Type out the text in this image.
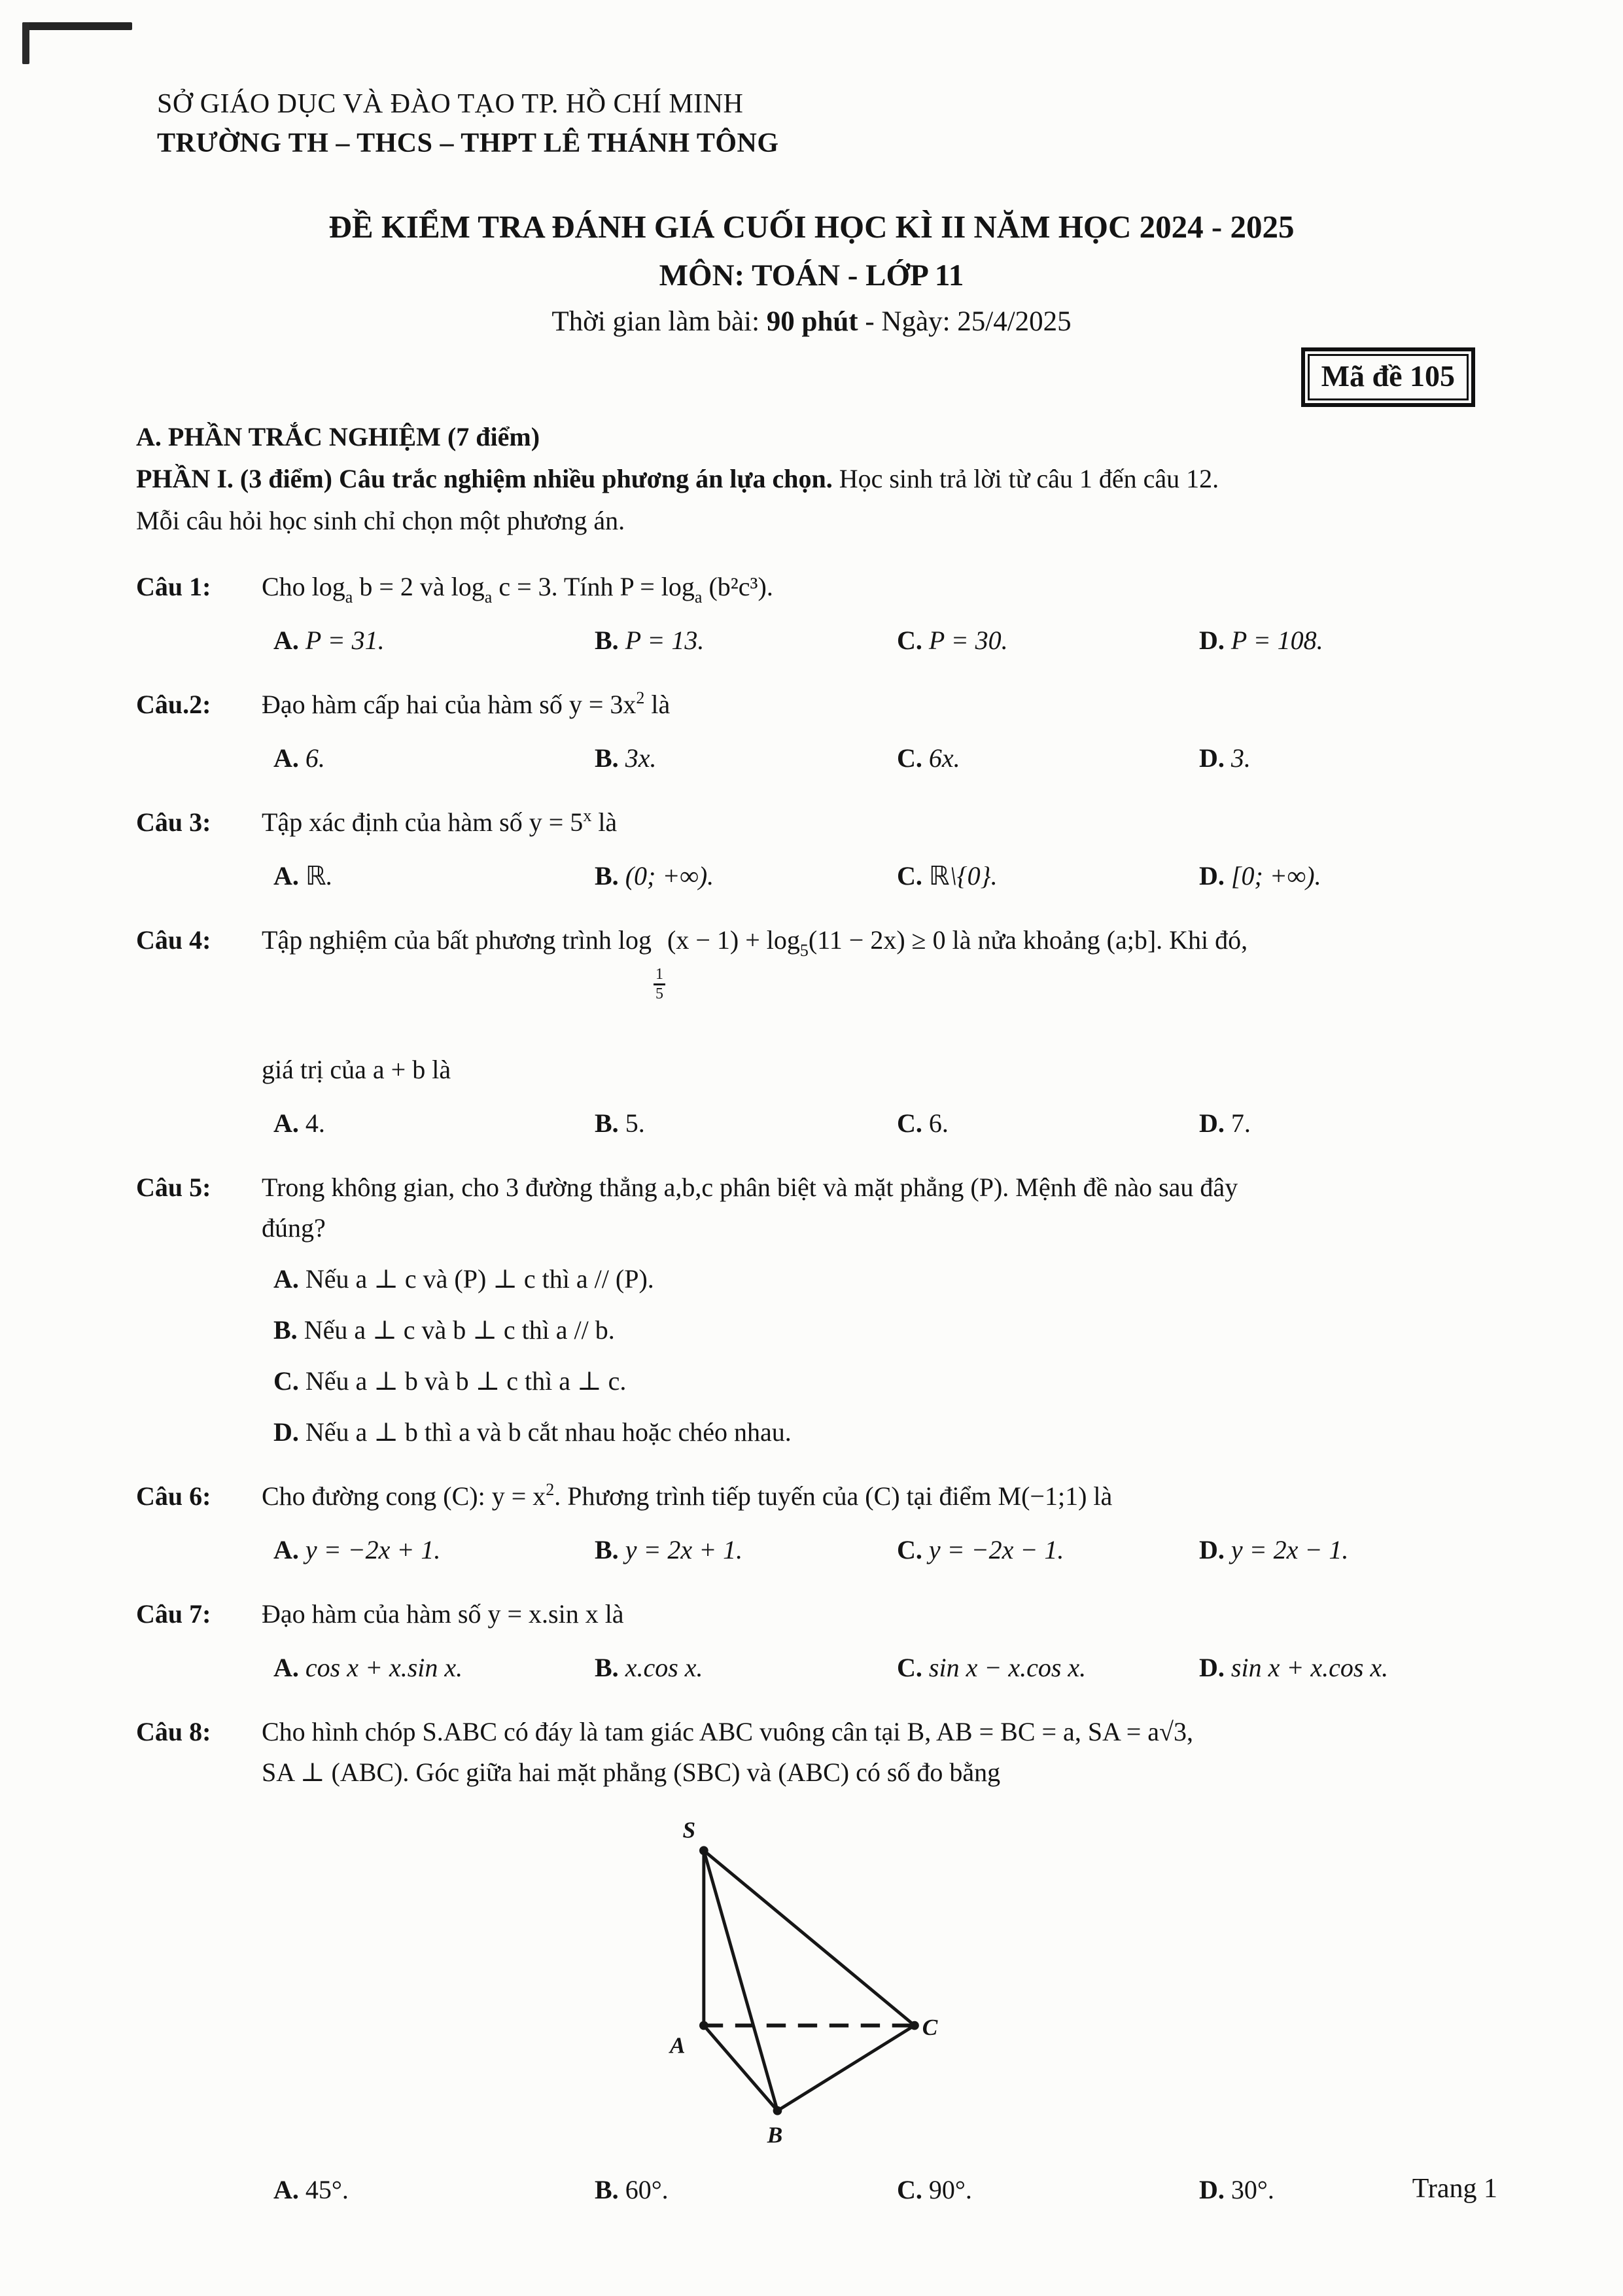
SỞ GIÁO DỤC VÀ ĐÀO TẠO TP. HỒ CHÍ MINH
TRƯỜNG TH – THCS – THPT LÊ THÁNH TÔNG
ĐỀ KIỂM TRA ĐÁNH GIÁ CUỐI HỌC KÌ II NĂM HỌC 2024 - 2025
MÔN: TOÁN - LỚP 11
Thời gian làm bài: 90 phút - Ngày: 25/4/2025
Mã đề 105
A. PHẦN TRẮC NGHIỆM (7 điểm)
PHẦN I. (3 điểm) Câu trắc nghiệm nhiều phương án lựa chọn. Học sinh trả lời từ câu 1 đến câu 12.
Mỗi câu hỏi học sinh chỉ chọn một phương án.
Câu 1:	Cho $\log_a b = 2$ và $\log_a c = 3$. Tính $P = \log_a (b^2c^3)$.
A. P = 31.	B. P = 13.	C. P = 30.	D. P = 108.
Câu.2:	Đạo hàm cấp hai của hàm số $y = 3x^2$ là
A. 6.	B. 3x.	C. 6x.	D. 3.
Câu 3:	Tập xác định của hàm số $y = 5^x$ là
A. ℝ.	B. (0; +∞).	C. ℝ\{0}.	D. [0; +∞).
Câu 4:	Tập nghiệm của bất phương trình log
$\frac{1}{5}$
$(x - 1) + \log_5(11 - 2x) \ge 0$ là nửa khoảng (a;b]. Khi đó,
giá trị của a + b là
A. 4.	B. 5.	C. 6.	D. 7.
Câu 5:	Trong không gian, cho 3 đường thẳng a,b,c phân biệt và mặt phẳng (P). Mệnh đề nào sau đây
đúng?
A. Nếu a ⊥ c và (P) ⊥ c thì a // (P).
B. Nếu a ⊥ c và b ⊥ c thì a // b.
C. Nếu a ⊥ b và b ⊥ c thì a ⊥ c.
D. Nếu a ⊥ b thì a và b cắt nhau hoặc chéo nhau.
Câu 6:	Cho đường cong (C): $y = x^2$. Phương trình tiếp tuyến của (C) tại điểm M(−1;1) là
A. y = −2x + 1.	B. y = 2x + 1.	C. y = −2x − 1.	D. y = 2x − 1.
Câu 7:	Đạo hàm của hàm số y = x.sin x là
A. cos x + x.sin x.	B. x.cos x.	C. sin x − x.cos x.	D. sin x + x.cos x.
Câu 8:	Cho hình chóp S.ABC có đáy là tam giác ABC vuông cân tại B, AB = BC = a, SA = a√3,
SA ⊥ (ABC). Góc giữa hai mặt phẳng (SBC) và (ABC) có số đo bằng
S
A
C
B
A. 45°.	B. 60°.	C. 90°.	D. 30°.	Trang 1
